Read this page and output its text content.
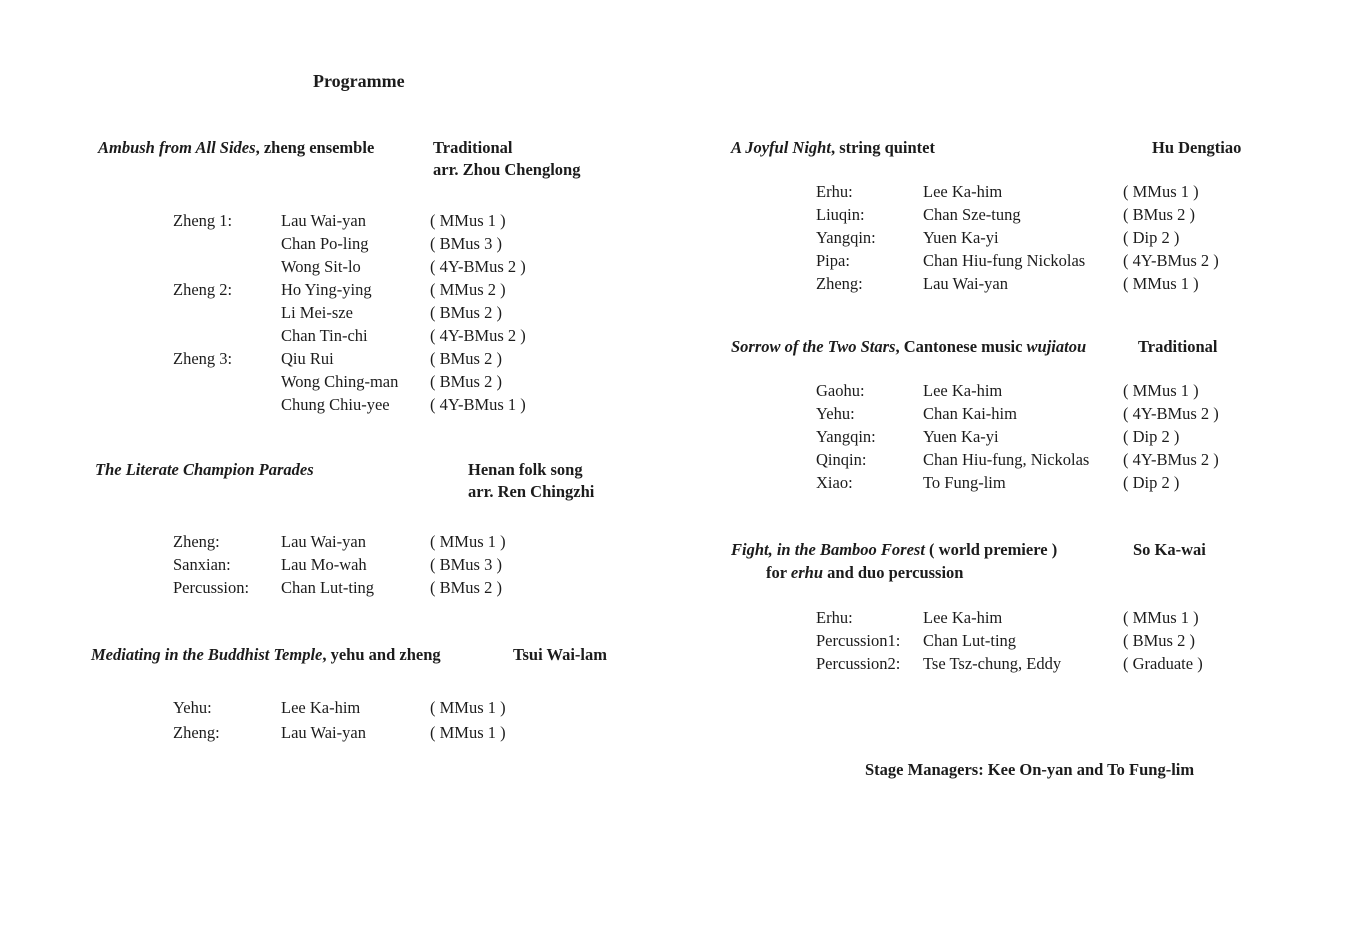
Programme
Ambush from All Sides, zheng ensemble	Traditional
arr. Zhou Chenglong
Zheng 1:	Lau Wai-yan	( MMus 1 )
Chan Po-ling	( BMus 3 )
Wong Sit-lo	( 4Y-BMus 2 )
Zheng 2:	Ho Ying-ying	( MMus 2 )
Li Mei-sze	( BMus 2 )
Chan Tin-chi	( 4Y-BMus 2 )
Zheng 3:	Qiu Rui	( BMus 2 )
Wong Ching-man ( BMus 2 )
Chung Chiu-yee ( 4Y-BMus 1 )
The Literate Champion Parades	Henan folk song
arr. Ren Chingzhi
Zheng:	Lau Wai-yan	( MMus 1 )
Sanxian:	Lau Mo-wah	( BMus 3 )
Percussion: Chan Lut-ting	( BMus 2 )
Mediating in the Buddhist Temple, yehu and zheng	Tsui Wai-lam
Yehu:	Lee Ka-him	( MMus 1 )
Zheng:	Lau Wai-yan	( MMus 1 )
A Joyful Night, string quintet	Hu Dengtiao
Erhu:	Lee Ka-him	( MMus 1 )
Liuqin:	Chan Sze-tung	( BMus 2 )
Yangqin:	Yuen Ka-yi	( Dip 2 )
Pipa:	Chan Hiu-fung Nickolas ( 4Y-BMus 2 )
Zheng:	Lau Wai-yan	( MMus 1 )
Sorrow of the Two Stars, Cantonese music wujiatou	Traditional
Gaohu:	Lee Ka-him	( MMus 1 )
Yehu:	Chan Kai-him	( 4Y-BMus 2 )
Yangqin:	Yuen Ka-yi	( Dip 2 )
Qinqin:	Chan Hiu-fung, Nickolas ( 4Y-BMus 2 )
Xiao:	To Fung-lim	( Dip 2 )
Fight, in the Bamboo Forest ( world premiere )	So Ka-wai
for erhu and duo percussion
Erhu:	Lee Ka-him	( MMus 1 )
Percussion1: Chan Lut-ting	( BMus 2 )
Percussion2: Tse Tsz-chung, Eddy	( Graduate )
Stage Managers: Kee On-yan and To Fung-lim
